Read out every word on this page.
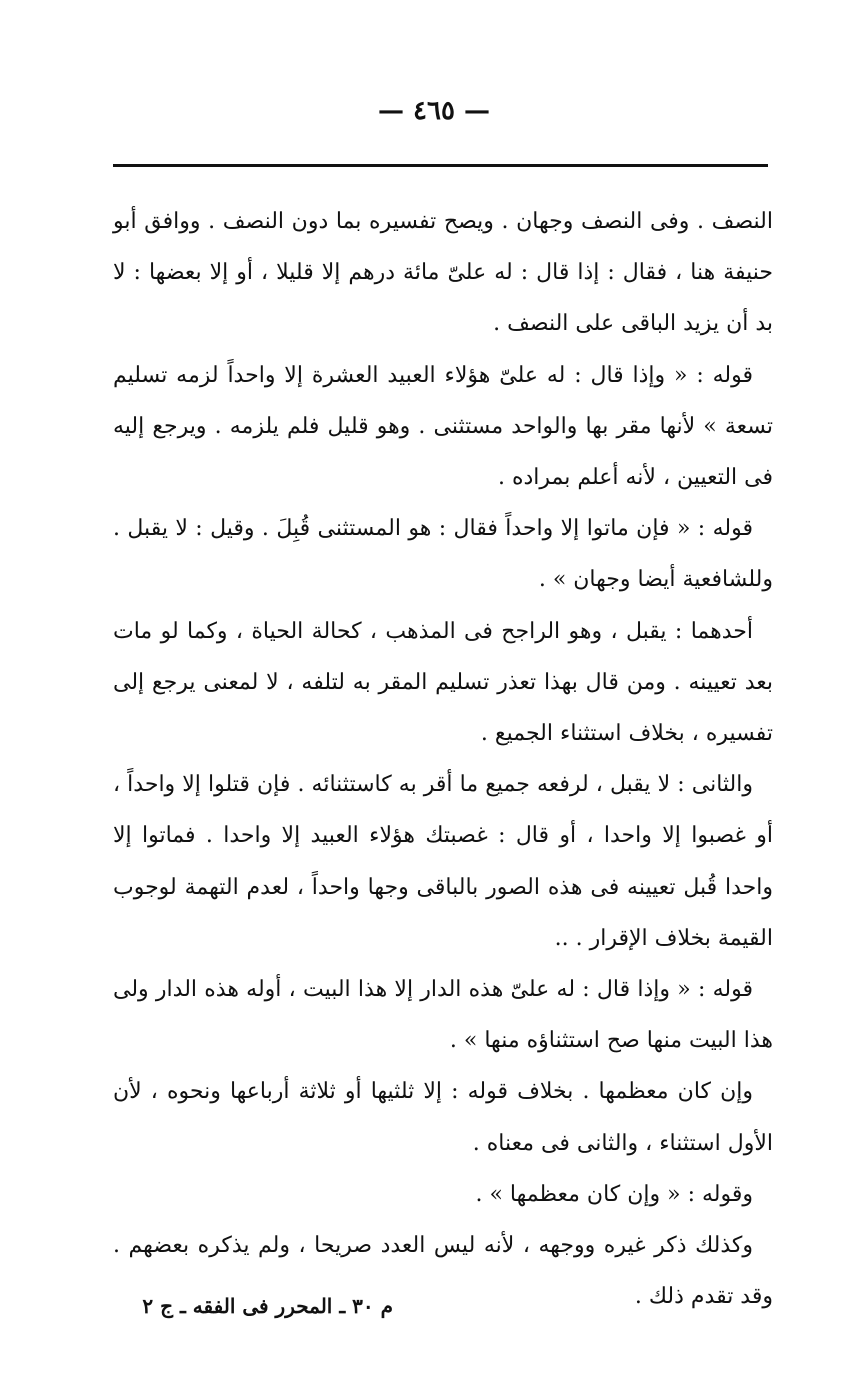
— ٤٦٥ —

النصف . وفى النصف وجهان . ويصح تفسيره بما دون النصف . ووافق أبو حنيفة هنا ، فقال : إذا قال : له علىّ مائة درهم إلا قليلا ، أو إلا بعضها : لا بد أن يزيد الباقى على النصف .

قوله : « وإذا قال : له علىّ هؤلاء العبيد العشرة إلا واحداً لزمه تسليم تسعة » لأنها مقر بها والواحد مستثنى . وهو قليل فلم يلزمه . ويرجع إليه فى التعيين ، لأنه أعلم بمراده .

قوله : « فإن ماتوا إلا واحداً فقال : هو المستثنى قُبِلَ . وقيل : لا يقبل . وللشافعية أيضا وجهان » .

أحدهما : يقبل ، وهو الراجح فى المذهب ، كحالة الحياة ، وكما لو مات بعد تعيينه . ومن قال بهذا تعذر تسليم المقر به لتلفه ، لا لمعنى يرجع إلى تفسيره ، بخلاف استثناء الجميع .

والثانى : لا يقبل ، لرفعه جميع ما أقر به كاستثنائه . فإن قتلوا إلا واحداً ، أو غصبوا إلا واحدا ، أو قال : غصبتك هؤلاء العبيد إلا واحدا . فماتوا إلا واحدا قُبل تعيينه فى هذه الصور بالباقى وجها واحداً ، لعدم التهمة لوجوب القيمة بخلاف الإقرار . ..

قوله : « وإذا قال : له علىّ هذه الدار إلا هذا البيت ، أوله هذه الدار ولى هذا البيت منها صح استثناؤه منها » .

وإن كان معظمها . بخلاف قوله : إلا ثلثيها أو ثلاثة أرباعها ونحوه ، لأن الأول استثناء ، والثانى فى معناه .

وقوله : « وإن كان معظمها » .

وكذلك ذكر غيره ووجهه ، لأنه ليس العدد صريحا ، ولم يذكره بعضهم . وقد تقدم ذلك .

م ٣٠ ـ المحرر فى الفقه ـ ج ٢
